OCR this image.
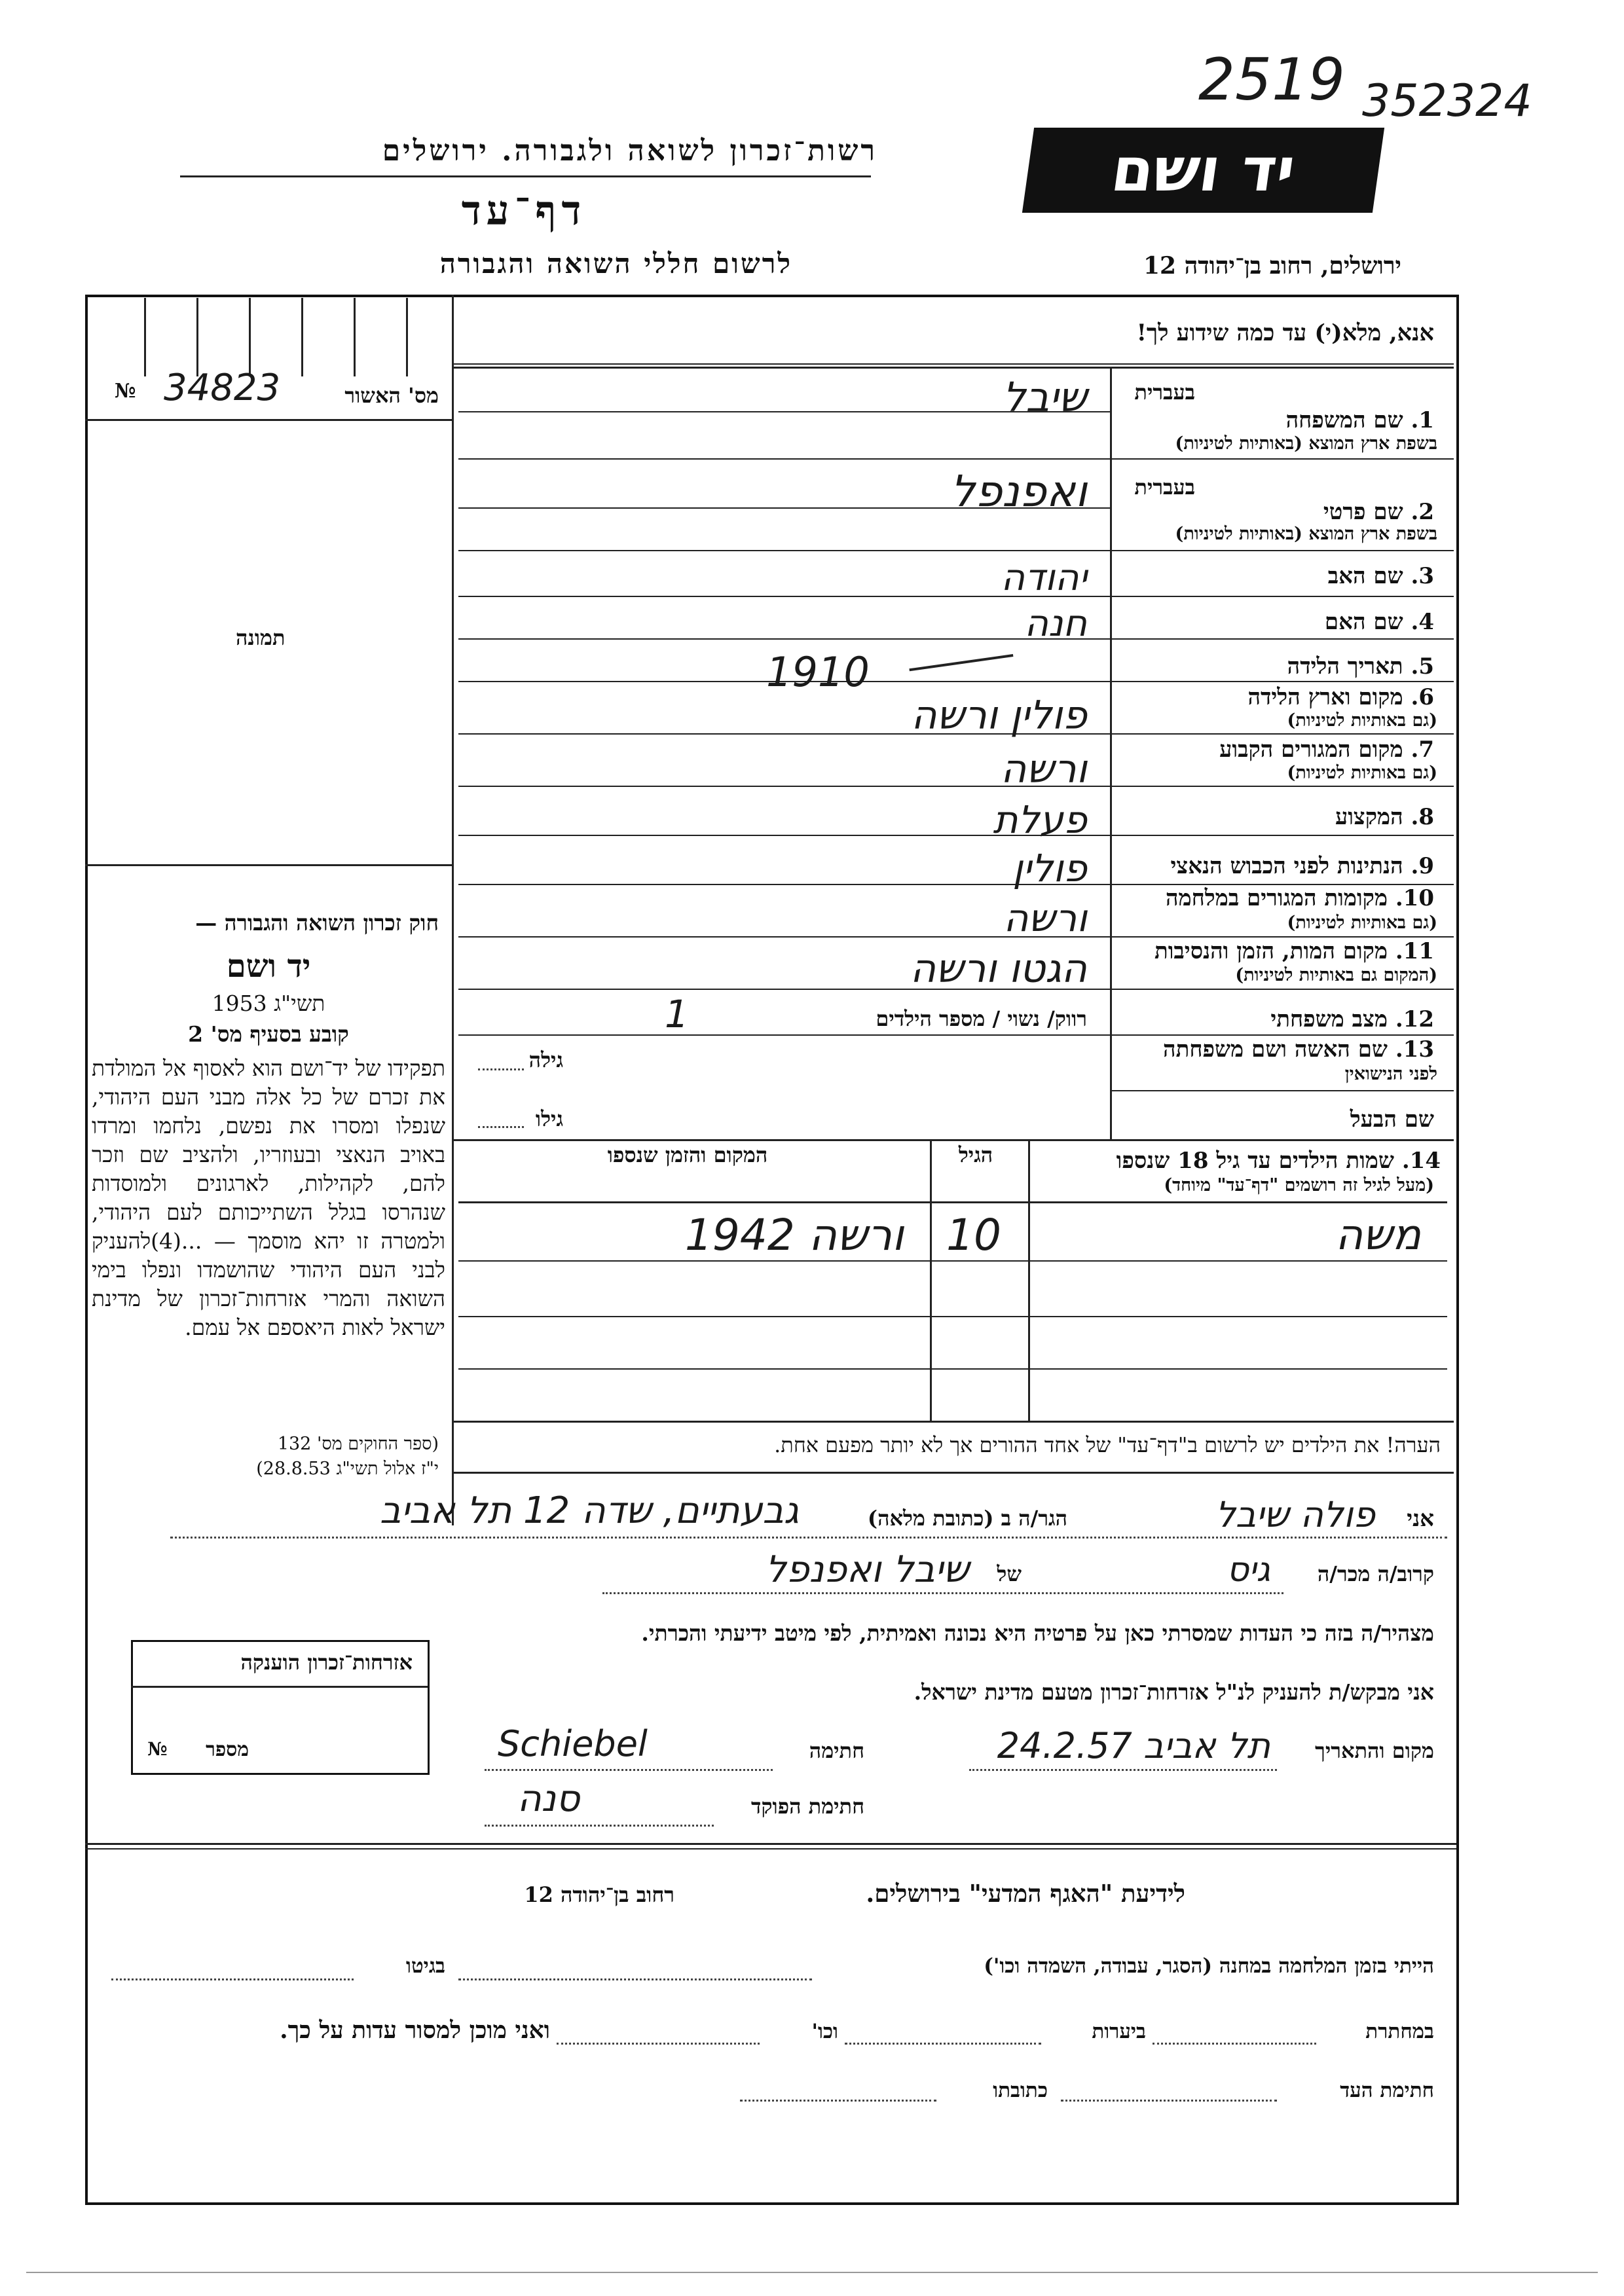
2519 352324
רשות־זכרון לשואה ולגבורה. ירושלים
דף־עד
לרשום חללי השואה והגבורה
יד ושם
ירושלים, רחוב בן־יהודה 12
אנא, מלא(י) עד כמה שידוע לך!
№ 34823	מס' האשור
תמונה
חוק זכרון השואה והגבורה —
יד ושם
תשי"ג 1953
קובע בסעיף מס' 2
תפקידו של יד־ושם הוא לאסוף אל המולדת את זכרם של כל אלה מבני העם היהודי, שנפלו ומסרו את נפשם, נלחמו ומרדו באויב הנאצי ובעוזריו, ולהציב שם וזכר להם, לקהילות, לארגונים ולמוסדות שנהרסו בגלל השתייכותם לעם היהודי, ולמטרה זו יהא מוסמך — ...(4)להעניק לבני העם היהודי שהושמדו ונפלו בימי השואה והמרי אזרחות־זכרון של מדינת ישראל לאות היאספם אל עמם.
(ספר החוקים מס' 132
י"ז אלול תשי"ג 28.8.53)
בעברית
1. שם המשפחה
בשפת ארץ המוצא (באותיות לטיניות)
בעברית
2. שם פרטי
בשפת ארץ המוצא (באותיות לטיניות)
3. שם האב
4. שם האם
5. תאריך הלידה
6. מקום וארץ הלידה
(גם באותיות לטיניות)
7. מקום המגורים הקבוע
(גם באותיות לטיניות)
8. המקצוע
9. הנתינות לפני הכבוש הנאצי
10. מקומות המגורים במלחמה
(גם באותיות לטיניות)
11. מקום המות, הזמן והנסיבות
(המקום גם באותיות לטיניות)
12. מצב משפחתי
13. שם האשה ושם משפחתה
לפני הנישואין
שם הבעל
שיבל
ואפנפל
יהודה
חנה
1910
פולין ורשה
ורשה
פעלת
פולין
ורשה
הגטו ורשה
רווק/ נשוי / מספר הילדים
1
גילה
גילו
14. שמות הילדים עד גיל 18 שנספו
(מעל לגיל זה רושמים "דף־עד" מיוחד)
הגיל
המקום והזמן שנספו
משה
10
ורשה 1942
הערה! את הילדים יש לרשום ב"דף־עד" של אחד ההורים אך לא יותר מפעם אחת.
אני
פולה שיבל
הגר/ה ב (כתובת מלאה)
גבעתיים, שדה 12 תל אביב
קרוב/ה מכר/ה
גיס
של
שיבל ואפנפל
מצהיר/ה בזה כי העדות שמסרתי כאן על פרטיה היא נכונה ואמיתית, לפי מיטב ידיעתי והכרתי.
אני מבקש/ת להעניק לנ"ל אזרחות־זכרון מטעם מדינת ישראל.
מקום והתאריך
תל אביב 24.2.57
חתימה
Schiebel
חתימת הפוקד
סנה
אזרחות־זכרון הוענקה
מספר
№
לידיעת "האגף המדעי" בירושלים.
רחוב בן־יהודה 12
הייתי בזמן המלחמה במחנה (הסגר, עבודה, השמדה וכו')
בגיטו
במחתרת
ביערות
וכו'
ואני מוכן למסור עדות על כך.
חתימת העד
כתובתו
